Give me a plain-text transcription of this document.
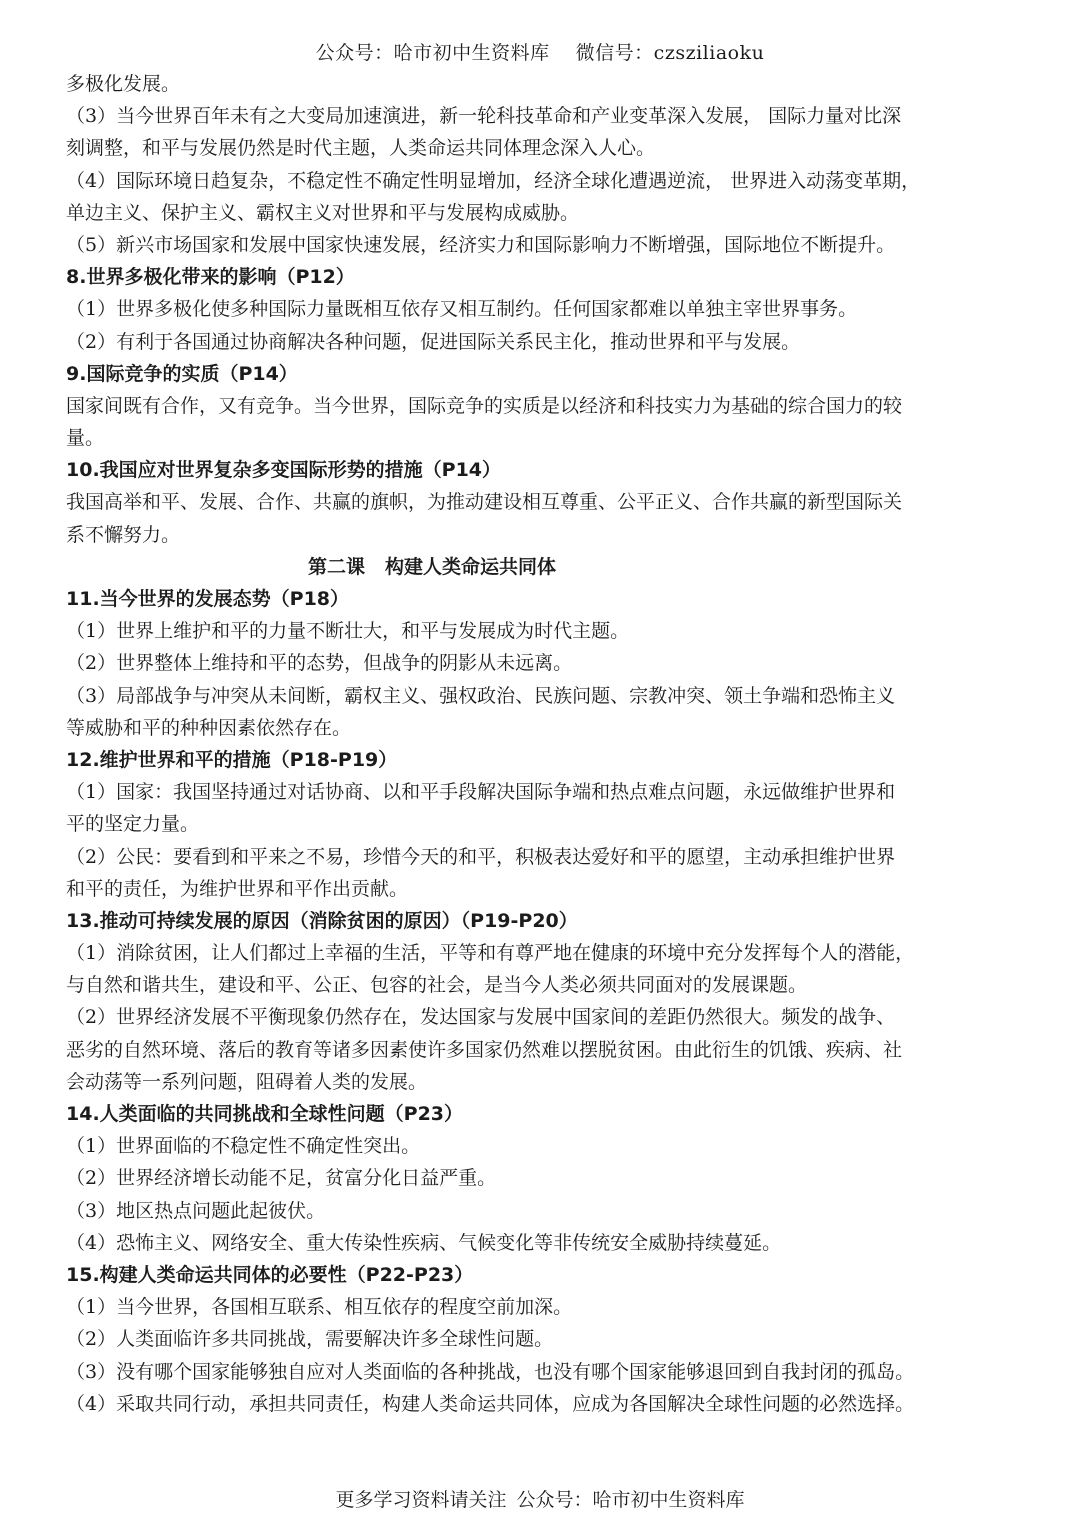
公众号：哈市初中生资料库 微信号：czsziliaoku
多极化发展。
（3）当今世界百年未有之大变局加速演进，新一轮科技革命和产业变革深入发展， 国际力量对比深
刻调整，和平与发展仍然是时代主题，人类命运共同体理念深入人心。
（4）国际环境日趋复杂，不稳定性不确定性明显增加，经济全球化遭遇逆流， 世界进入动荡变革期，
单边主义、保护主义、霸权主义对世界和平与发展构成威胁。
（5）新兴市场国家和发展中国家快速发展，经济实力和国际影响力不断增强，国际地位不断提升。
8.世界多极化带来的影响（P12）
（1）世界多极化使多种国际力量既相互依存又相互制约。任何国家都难以单独主宰世界事务。
（2）有利于各国通过协商解决各种问题，促进国际关系民主化，推动世界和平与发展。
9.国际竞争的实质（P14）
国家间既有合作，又有竞争。当今世界，国际竞争的实质是以经济和科技实力为基础的综合国力的较
量。
10.我国应对世界复杂多变国际形势的措施（P14）
我国高举和平、发展、合作、共赢的旗帜，为推动建设相互尊重、公平正义、合作共赢的新型国际关
系不懈努力。
第二课 构建人类命运共同体
11.当今世界的发展态势（P18）
（1）世界上维护和平的力量不断壮大，和平与发展成为时代主题。
（2）世界整体上维持和平的态势，但战争的阴影从未远离。
（3）局部战争与冲突从未间断，霸权主义、强权政治、民族问题、宗教冲突、领土争端和恐怖主义
等威胁和平的种种因素依然存在。
12.维护世界和平的措施（P18-P19）
（1）国家：我国坚持通过对话协商、以和平手段解决国际争端和热点难点问题，永远做维护世界和
平的坚定力量。
（2）公民：要看到和平来之不易，珍惜今天的和平，积极表达爱好和平的愿望，主动承担维护世界
和平的责任，为维护世界和平作出贡献。
13.推动可持续发展的原因（消除贫困的原因）（P19-P20）
（1）消除贫困，让人们都过上幸福的生活，平等和有尊严地在健康的环境中充分发挥每个人的潜能，
与自然和谐共生，建设和平、公正、包容的社会，是当今人类必须共同面对的发展课题。
（2）世界经济发展不平衡现象仍然存在，发达国家与发展中国家间的差距仍然很大。频发的战争、
恶劣的自然环境、落后的教育等诸多因素使许多国家仍然难以摆脱贫困。由此衍生的饥饿、疾病、社
会动荡等一系列问题，阻碍着人类的发展。
14.人类面临的共同挑战和全球性问题（P23）
（1）世界面临的不稳定性不确定性突出。
（2）世界经济增长动能不足，贫富分化日益严重。
（3）地区热点问题此起彼伏。
（4）恐怖主义、网络安全、重大传染性疾病、气候变化等非传统安全威胁持续蔓延。
15.构建人类命运共同体的必要性（P22-P23）
（1）当今世界，各国相互联系、相互依存的程度空前加深。
（2）人类面临许多共同挑战，需要解决许多全球性问题。
（3）没有哪个国家能够独自应对人类面临的各种挑战，也没有哪个国家能够退回到自我封闭的孤岛。
（4）采取共同行动，承担共同责任，构建人类命运共同体，应成为各国解决全球性问题的必然选择。
更多学习资料请关注 公众号：哈市初中生资料库
